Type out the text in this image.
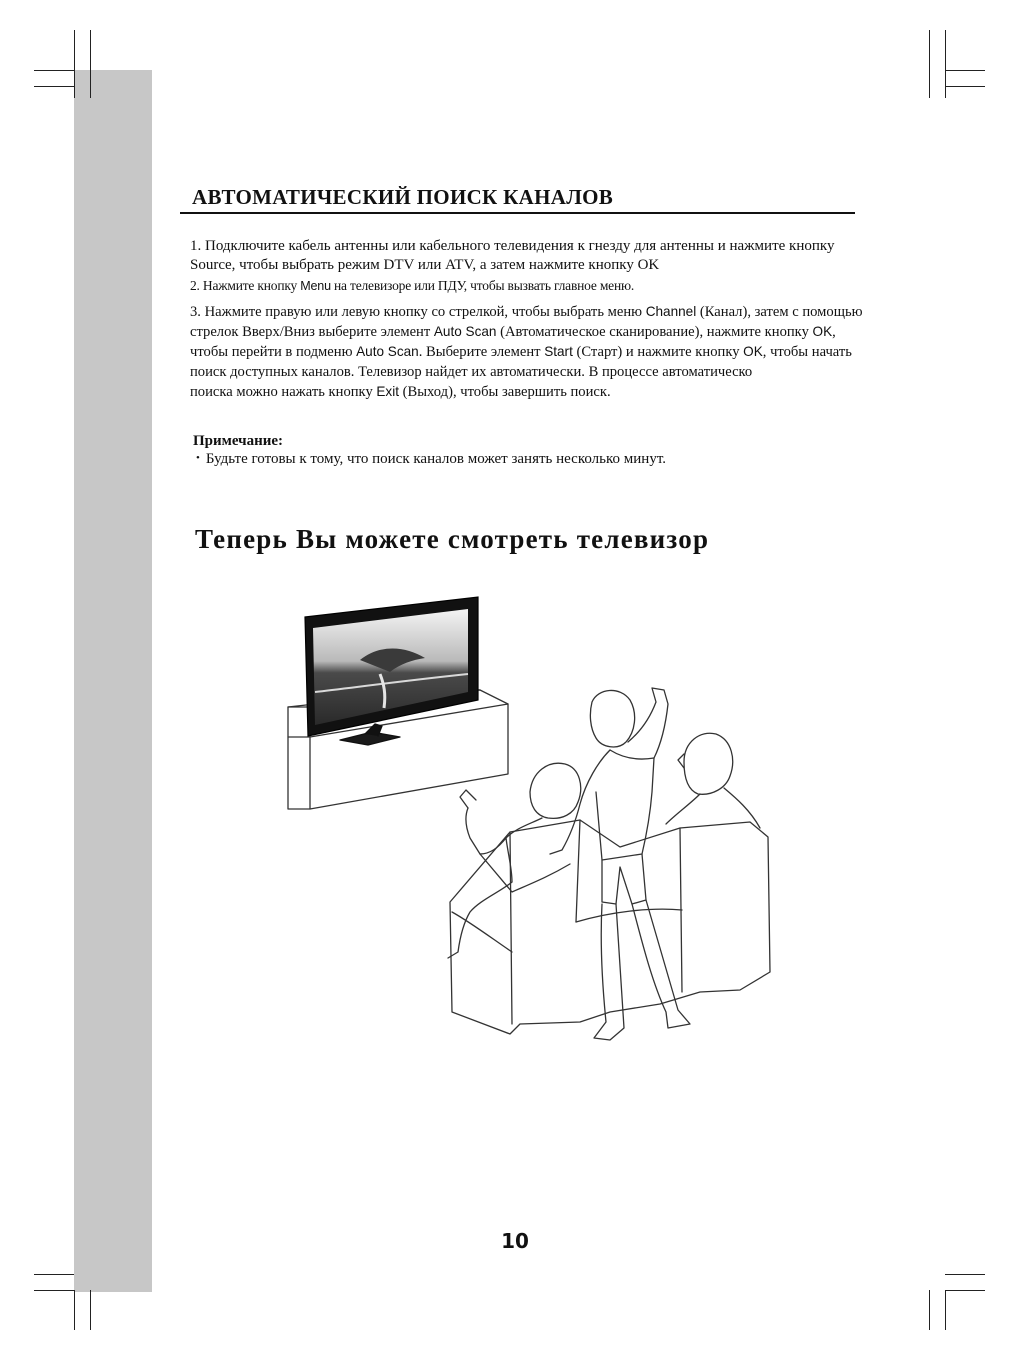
АВТОМАТИЧЕСКИЙ ПОИСК КАНАЛОВ

1. Подключите кабель антенны или кабельного телевидения к гнезду для антенны и нажмите кнопку Source, чтобы выбрать режим DTV или ATV, а затем нажмите кнопку OK

2. Нажмите кнопку Menu на телевизоре или ПДУ, чтобы вызвать главное меню.

3. Нажмите правую или левую кнопку со стрелкой, чтобы выбрать меню Channel (Канал), затем с помощью стрелок Вверх/Вниз выберите элемент Auto Scan (Автоматическое сканирование), нажмите кнопку OK, чтобы перейти в подменю Auto Scan. Выберите элемент Start (Старт) и нажмите кнопку OK, чтобы начать поиск доступных каналов. Телевизор найдет их автоматически. В процессе автоматическо
поиска можно нажать кнопку Exit (Выход), чтобы завершить поиск.

Примечание:

• Будьте готовы к тому, что поиск каналов может занять несколько минут.

Теперь Вы можете смотреть телевизор
10
